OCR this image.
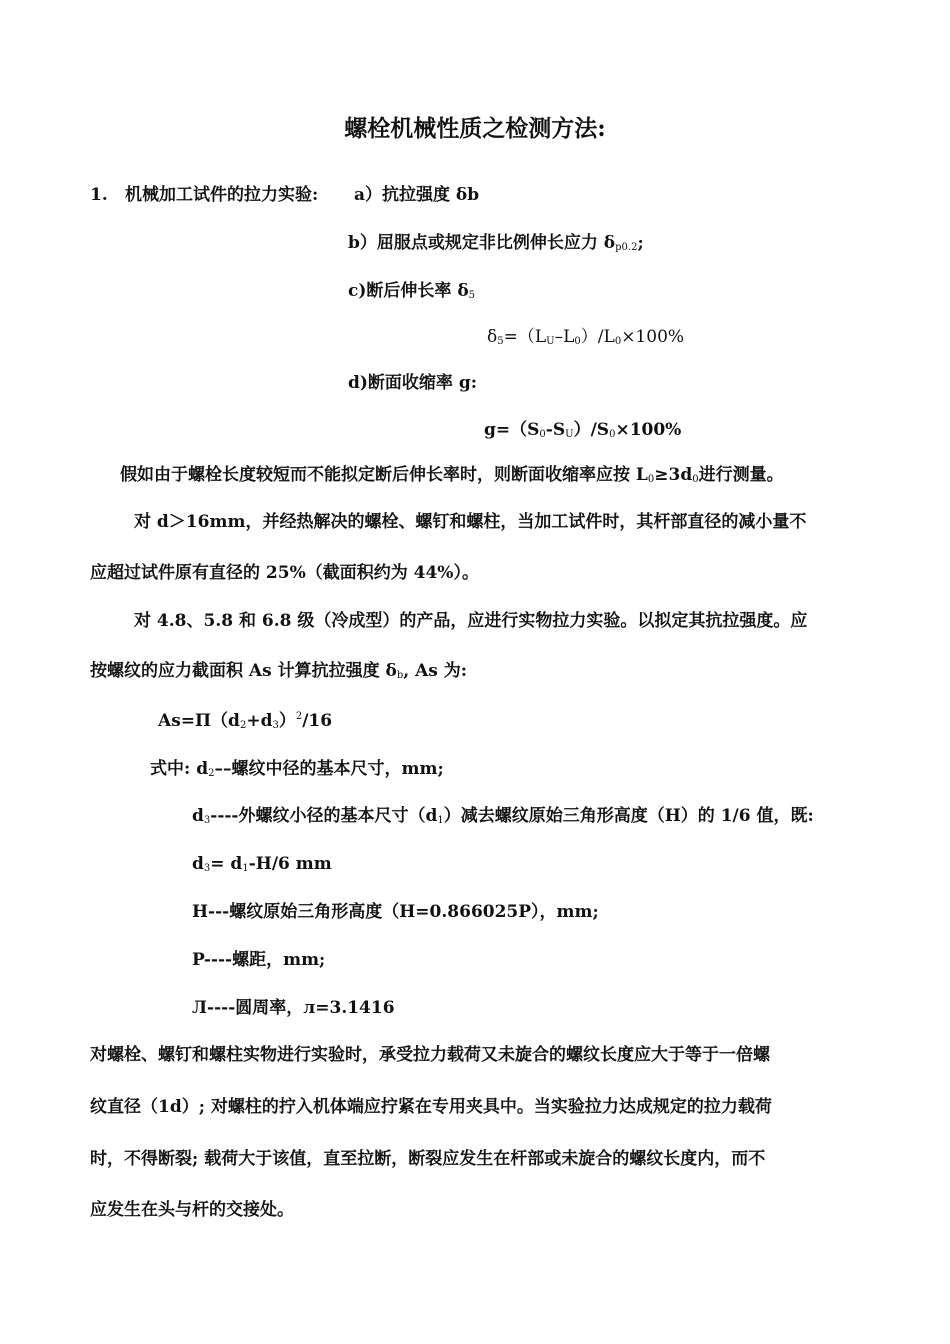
螺栓机械性质之检测方法:
1. 机械加工试件的拉力实验: a）抗拉强度 δb
b）屈服点或规定非比例伸长应力 $\delta_{p0.2}$;
c)断后伸长率 $\delta_5$
$\delta_5=(L_U-L_0)/L_0\times 100\%$
d)断面收缩率 g:
$g=(S_0-S_U)/S_0\times 100\%$
假如由于螺栓长度较短而不能拟定断后伸长率时，则断面收缩率应按 $L_0\ge 3d_0$进行测量。
对 d＞16mm，并经热解决的螺栓、螺钉和螺柱，当加工试件时，其杆部直径的减小量不
应超过试件原有直径的 25%（截面积约为 44%）。
对 4.8、5.8 和 6.8 级（冷成型）的产品，应进行实物拉力实验。以拟定其抗拉强度。应
按螺纹的应力截面积 As 计算抗拉强度 $\delta_b$, As 为:
$As=\Pi(d_2+d_3)^2/16$
式中: $d_2--$螺纹中径的基本尺寸，mm;
$d_3----$外螺纹小径的基本尺寸$(d_1)$减去螺纹原始三角形高度（H）的 1/6 值，既:
$d_3= d_1-H/6$ mm
H---螺纹原始三角形高度（H=0.866025P），mm;
P----螺距，mm;
Л----圆周率，л=3.1416
对螺栓、螺钉和螺柱实物进行实验时，承受拉力载荷又未旋合的螺纹长度应大于等于一倍螺
纹直径（1d）; 对螺柱的拧入机体端应拧紧在专用夹具中。当实验拉力达成规定的拉力载荷
时，不得断裂; 载荷大于该值，直至拉断，断裂应发生在杆部或未旋合的螺纹长度内，而不
应发生在头与杆的交接处。
